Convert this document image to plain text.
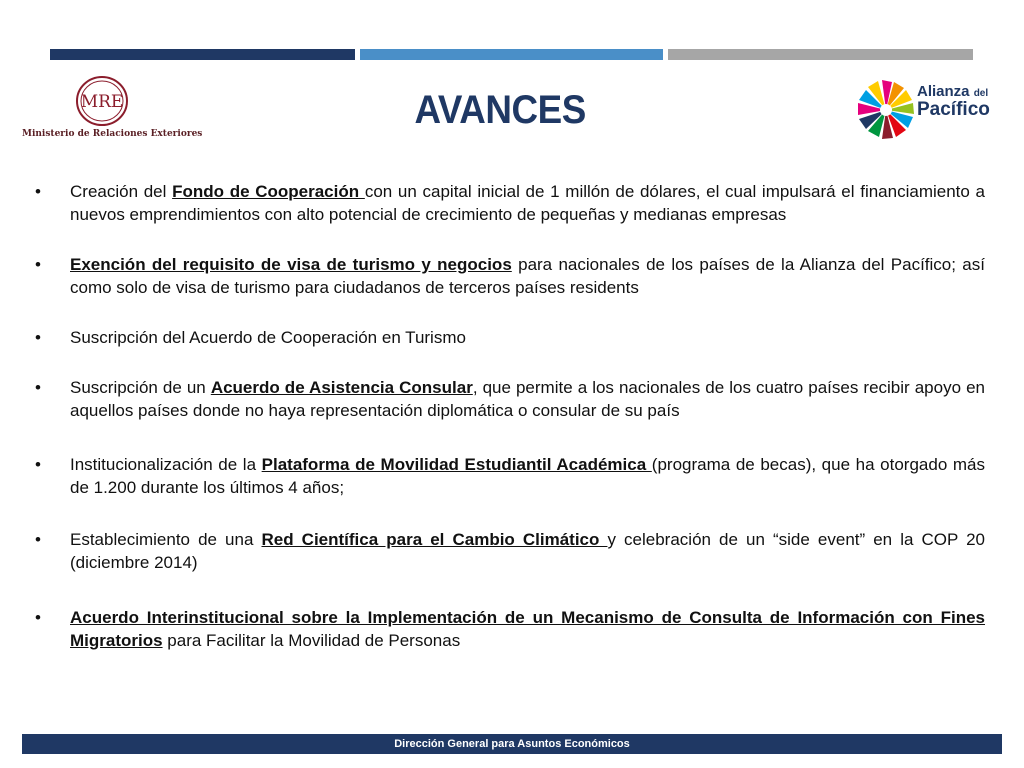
MRE
Ministerio de Relaciones Exteriores
AVANCES	Alianza del
Pacífico
• Creación del Fondo de Cooperación con un capital inicial de 1 millón de dólares, el cual impulsará el financiamiento a nuevos emprendimientos con alto potencial de crecimiento de pequeñas y medianas empresas
• Exención del requisito de visa de turismo y negocios para nacionales de los países de la Alianza del Pacífico; así como solo de visa de turismo para ciudadanos de terceros países residents
• Suscripción del Acuerdo de Cooperación en Turismo
• Suscripción de un Acuerdo de Asistencia Consular, que permite a los nacionales de los cuatro países recibir apoyo en aquellos países donde no haya representación diplomática o consular de su país
• Institucionalización de la Plataforma de Movilidad Estudiantil Académica (programa de becas), que ha otorgado más de 1.200 durante los últimos 4 años;
• Establecimiento de una Red Científica para el Cambio Climático y celebración de un “side event” en la COP 20 (diciembre 2014)
• Acuerdo Interinstitucional sobre la Implementación de un Mecanismo de Consulta de Información con Fines Migratorios para Facilitar la Movilidad de Personas
Dirección General para Asuntos Económicos
